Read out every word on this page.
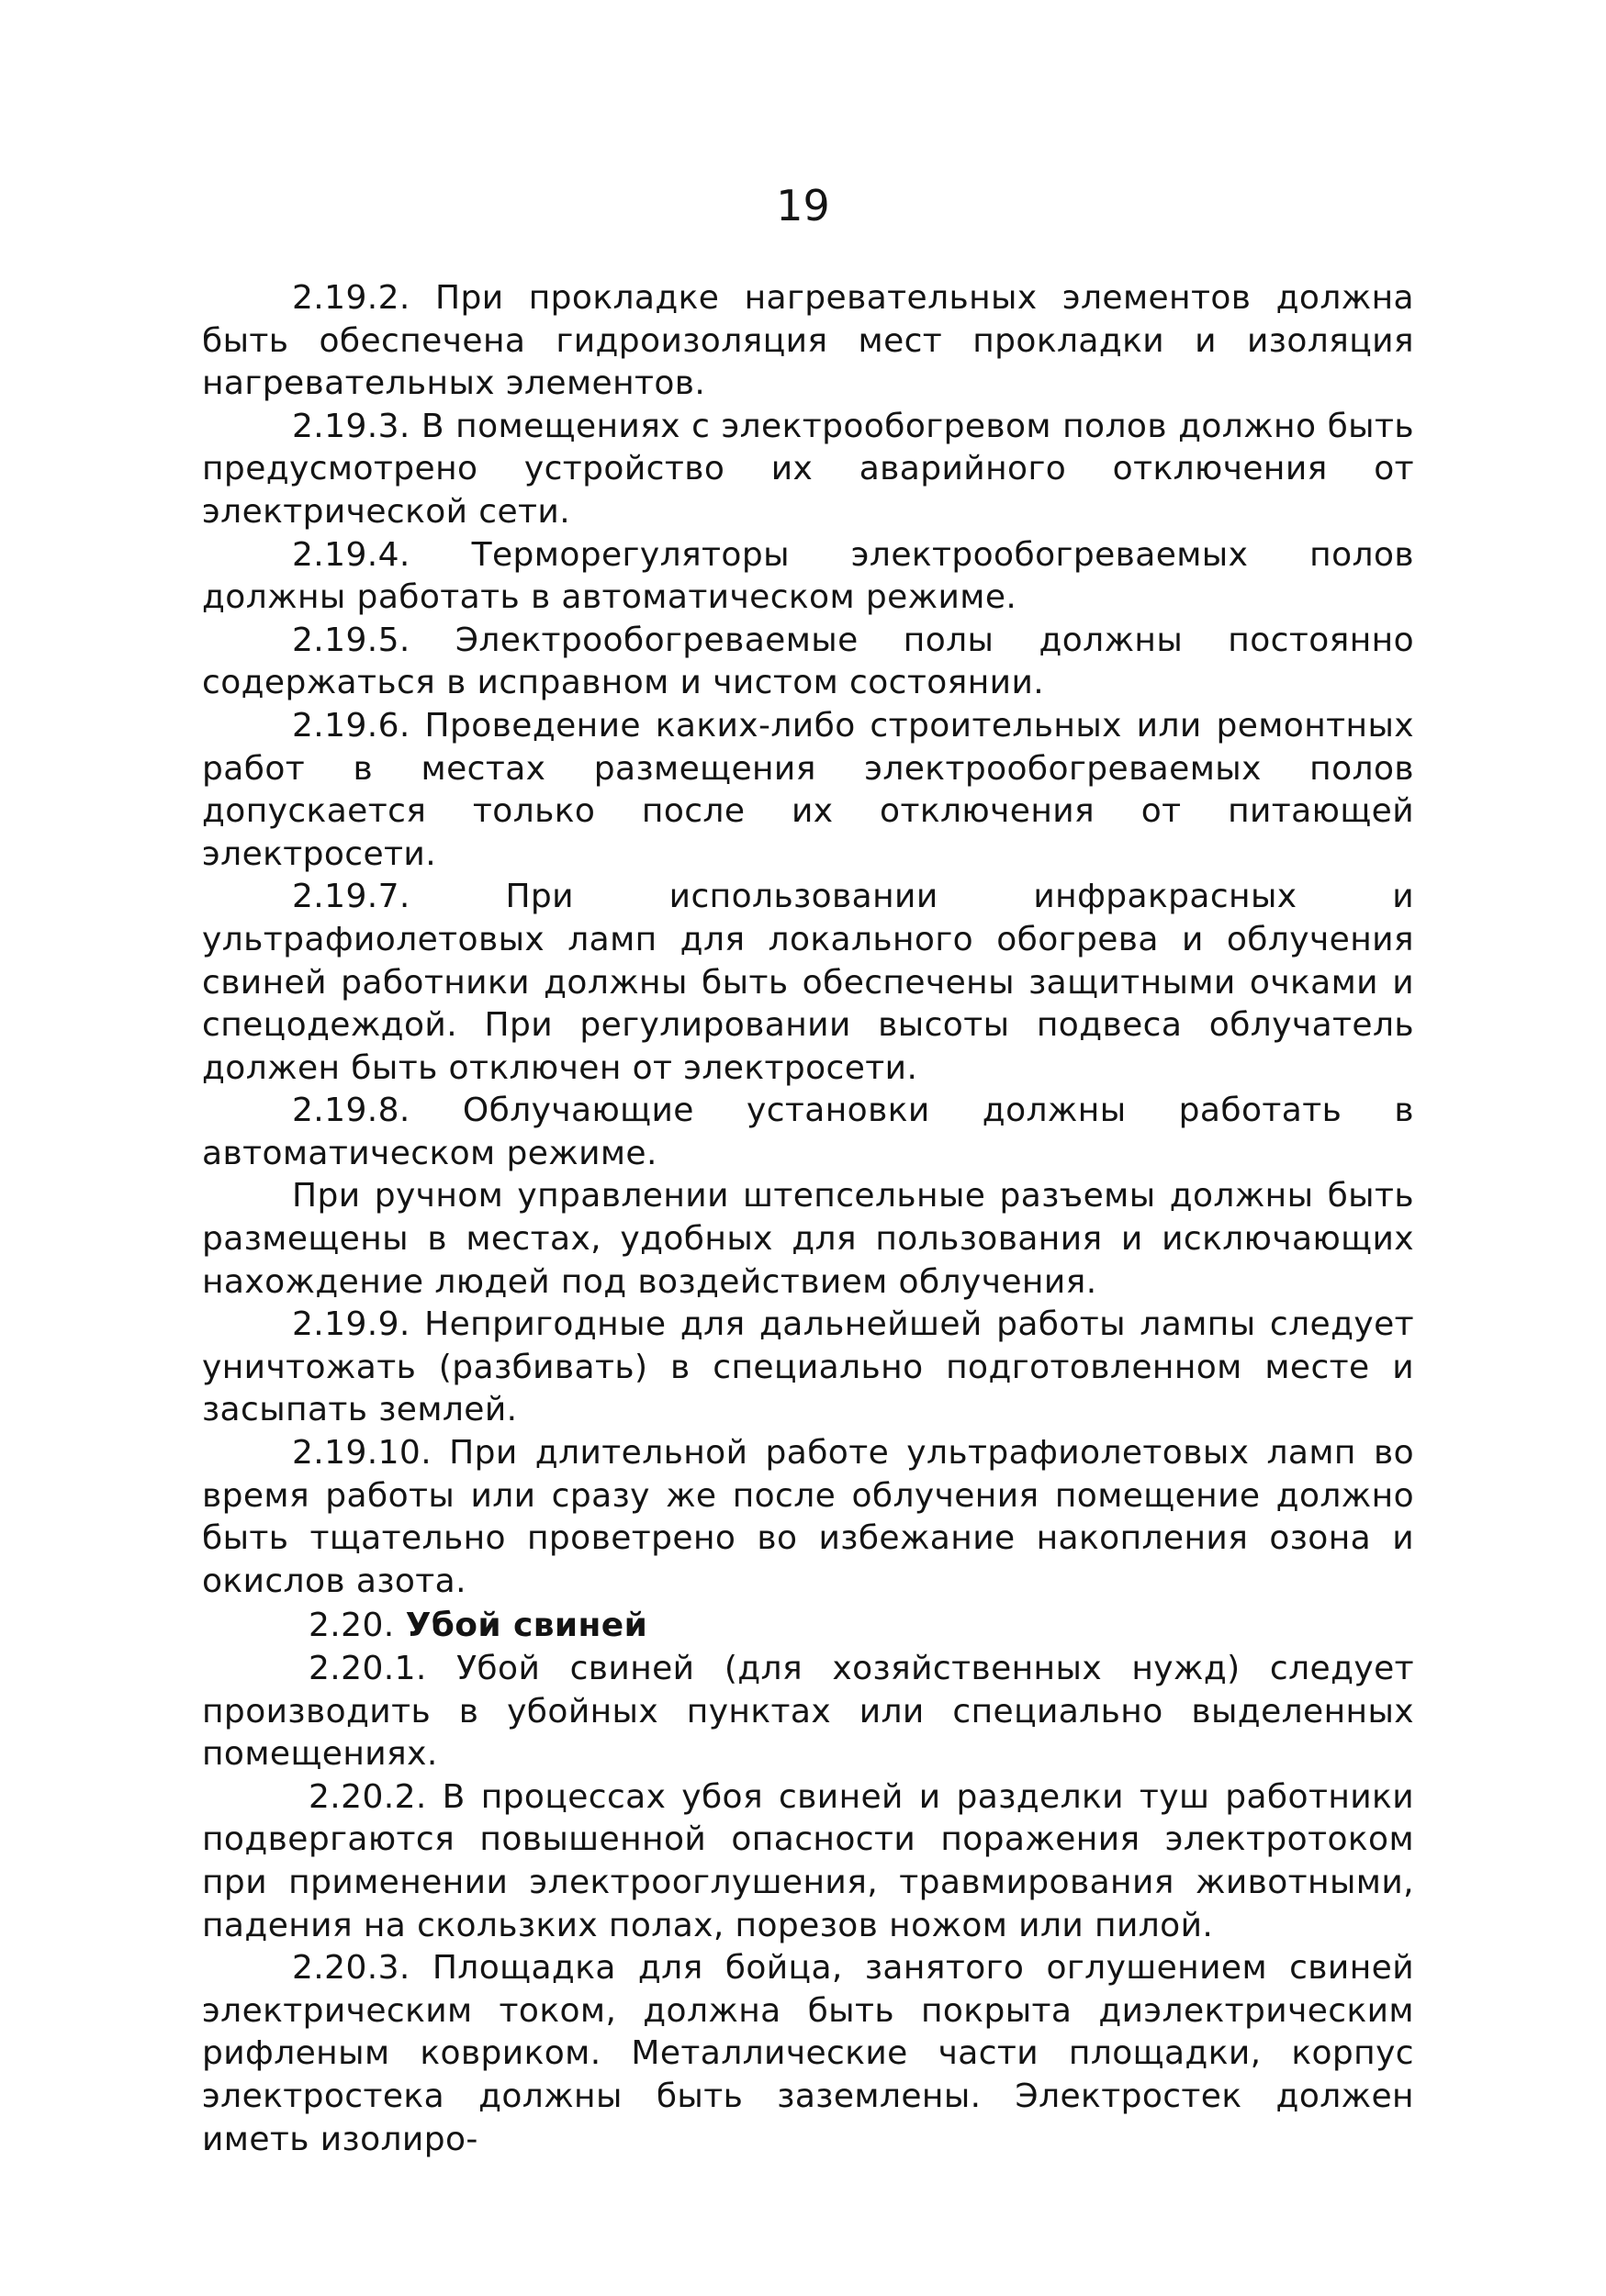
19

2.19.2. При прокладке нагревательных элементов должна быть обеспечена гидроизоляция мест прокладки и изоляция нагревательных элементов.

2.19.3. В помещениях с электрообогревом полов должно быть предусмотрено устройство их аварийного отключения от электрической сети.

2.19.4. Терморегуляторы электрообогреваемых полов должны работать в автоматическом режиме.

2.19.5. Электрообогреваемые полы должны постоянно содержаться в исправном и чистом состоянии.

2.19.6. Проведение каких-либо строительных или ремонтных работ в местах размещения электрообогреваемых полов допускается только после их отключения от питающей электросети.

2.19.7. При использовании инфракрасных и ультрафиолетовых ламп для локального обогрева и облучения свиней работники должны быть обеспечены защитными очками и спецодеждой. При регулировании высоты подвеса облучатель должен быть отключен от электросети.

2.19.8. Облучающие установки должны работать в автоматическом режиме.

При ручном управлении штепсельные разъемы должны быть размещены в местах, удобных для пользования и исключающих нахождение людей под воздействием облучения.

2.19.9. Непригодные для дальнейшей работы лампы следует уничтожать (разбивать) в специально подготовленном месте и засыпать землей.

2.19.10. При длительной работе ультрафиолетовых ламп во время работы или сразу же после облучения помещение должно быть тщательно проветрено во избежание накопления озона и окислов азота.

2.20. Убой свиней

2.20.1. Убой свиней (для хозяйственных нужд) следует производить в убойных пунктах или специально выделенных помещениях.

2.20.2. В процессах убоя свиней и разделки туш работники подвергаются повышенной опасности поражения электротоком при применении электрооглушения, травмирования животными, падения на скользких полах, порезов ножом или пилой.

2.20.3. Площадка для бойца, занятого оглушением свиней электрическим током, должна быть покрыта диэлектрическим рифленым ковриком. Металлические части площадки, корпус электростека должны быть заземлены. Электростек должен иметь изолиро-
